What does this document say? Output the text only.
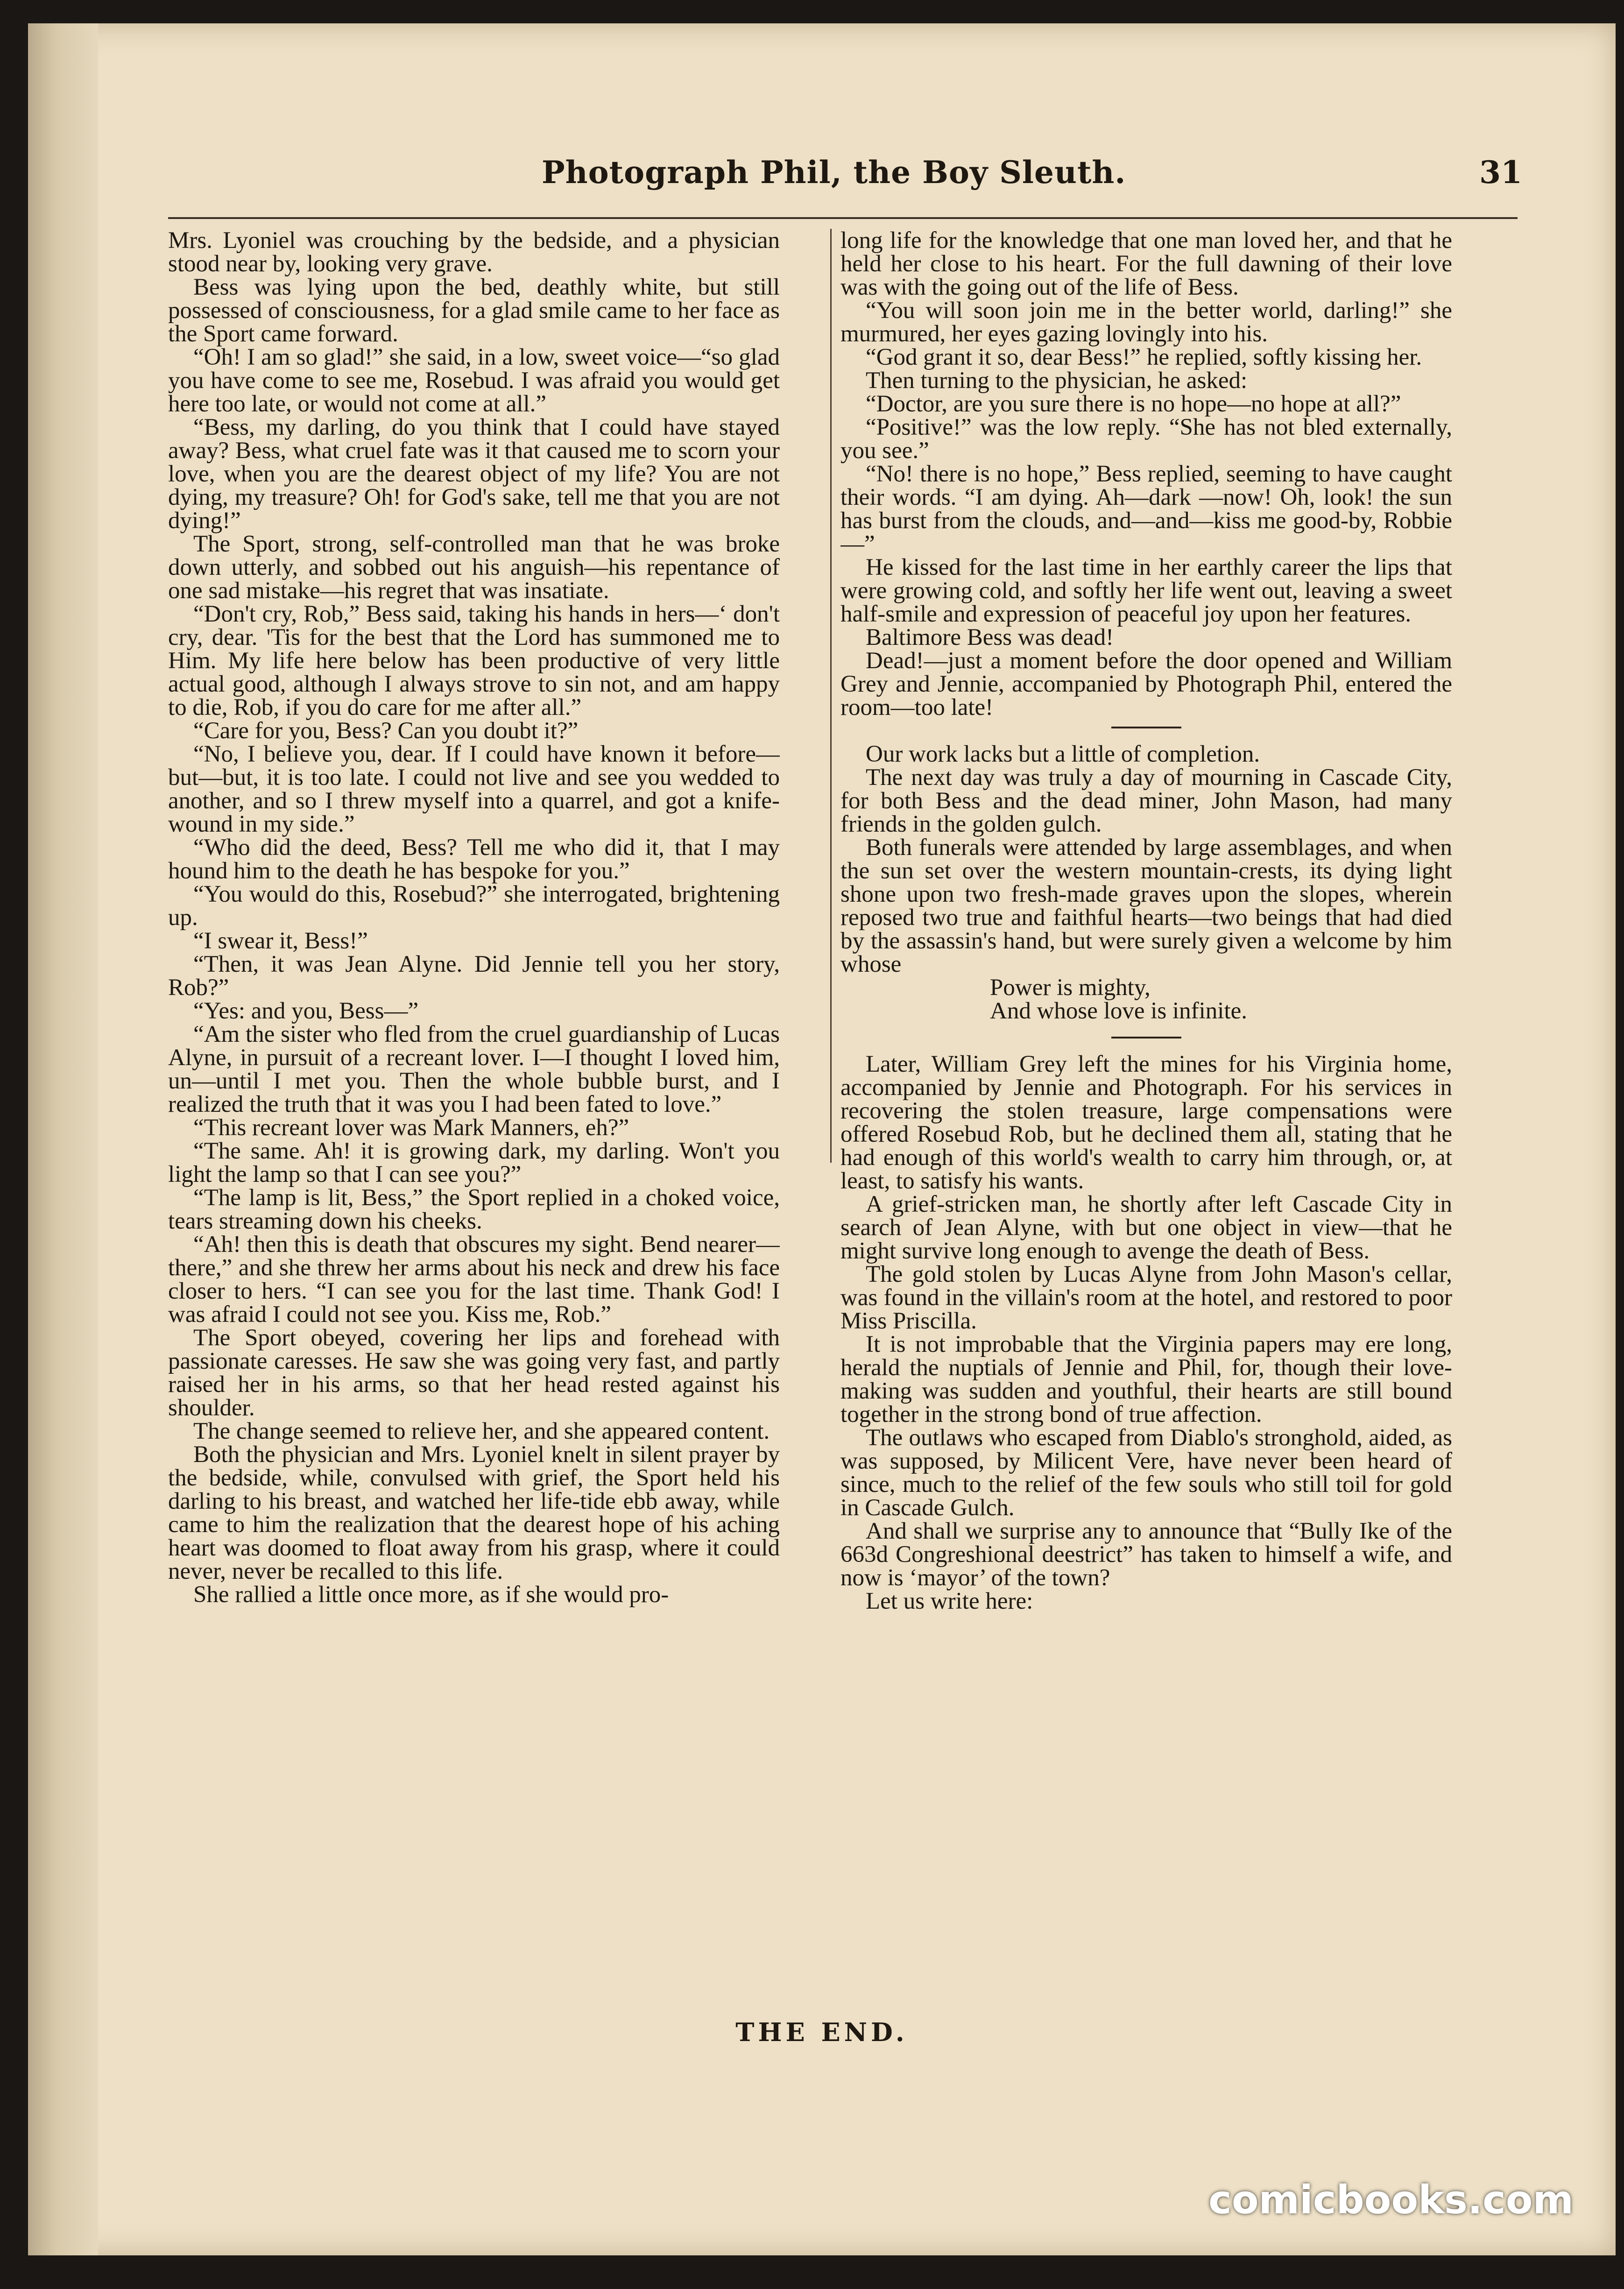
Photograph Phil, the Boy Sleuth.	31

Mrs. Lyoniel was crouching by the bedside, and a physician stood near by, looking very grave.

Bess was lying upon the bed, deathly white, but still possessed of consciousness, for a glad smile came to her face as the Sport came forward.

“Oh! I am so glad!” she said, in a low, sweet voice—“so glad you have come to see me, Rosebud. I was afraid you would get here too late, or would not come at all.”

“Bess, my darling, do you think that I could have stayed away? Bess, what cruel fate was it that caused me to scorn your love, when you are the dearest object of my life? You are not dying, my treasure? Oh! for God's sake, tell me that you are not dying!”

The Sport, strong, self-controlled man that he was broke down utterly, and sobbed out his anguish—his repentance of one sad mistake—his regret that was insatiate.

“Don't cry, Rob,” Bess said, taking his hands in hers—‘ don't cry, dear. 'Tis for the best that the Lord has summoned me to Him. My life here below has been productive of very little actual good, although I always strove to sin not, and am happy to die, Rob, if you do care for me after all.”

“Care for you, Bess? Can you doubt it?”

“No, I believe you, dear. If I could have known it before—but—but, it is too late. I could not live and see you wedded to another, and so I threw myself into a quarrel, and got a knife-wound in my side.”

“Who did the deed, Bess? Tell me who did it, that I may hound him to the death he has bespoke for you.”

“You would do this, Rosebud?” she interrogated, brightening up.

“I swear it, Bess!”

“Then, it was Jean Alyne. Did Jennie tell you her story, Rob?”

“Yes: and you, Bess—”

“Am the sister who fled from the cruel guardianship of Lucas Alyne, in pursuit of a recreant lover. I—I thought I loved him, un—until I met you. Then the whole bubble burst, and I realized the truth that it was you I had been fated to love.”

“This recreant lover was Mark Manners, eh?”

“The same. Ah! it is growing dark, my darling. Won't you light the lamp so that I can see you?”

“The lamp is lit, Bess,” the Sport replied in a choked voice, tears streaming down his cheeks.

“Ah! then this is death that obscures my sight. Bend nearer—there,” and she threw her arms about his neck and drew his face closer to hers. “I can see you for the last time. Thank God! I was afraid I could not see you. Kiss me, Rob.”

The Sport obeyed, covering her lips and forehead with passionate caresses. He saw she was going very fast, and partly raised her in his arms, so that her head rested against his shoulder.

The change seemed to relieve her, and she appeared content.

Both the physician and Mrs. Lyoniel knelt in silent prayer by the bedside, while, convulsed with grief, the Sport held his darling to his breast, and watched her life-tide ebb away, while came to him the realization that the dearest hope of his aching heart was doomed to float away from his grasp, where it could never, never be recalled to this life.

She rallied a little once more, as if she would pro-

long life for the knowledge that one man loved her, and that he held her close to his heart. For the full dawning of their love was with the going out of the life of Bess.

“You will soon join me in the better world, darling!” she murmured, her eyes gazing lovingly into his.

“God grant it so, dear Bess!” he replied, softly kissing her.

Then turning to the physician, he asked:

“Doctor, are you sure there is no hope—no hope at all?”

“Positive!” was the low reply. “She has not bled externally, you see.”

“No! there is no hope,” Bess replied, seeming to have caught their words. “I am dying. Ah—dark —now! Oh, look! the sun has burst from the clouds, and—and—kiss me good-by, Robbie—”

He kissed for the last time in her earthly career the lips that were growing cold, and softly her life went out, leaving a sweet half-smile and expression of peaceful joy upon her features.

Baltimore Bess was dead!

Dead!—just a moment before the door opened and William Grey and Jennie, accompanied by Photograph Phil, entered the room—too late!

Our work lacks but a little of completion.

The next day was truly a day of mourning in Cascade City, for both Bess and the dead miner, John Mason, had many friends in the golden gulch.

Both funerals were attended by large assemblages, and when the sun set over the western mountain-crests, its dying light shone upon two fresh-made graves upon the slopes, wherein reposed two true and faithful hearts—two beings that had died by the assassin's hand, but were surely given a welcome by him whose

Power is mighty,
And whose love is infinite.

Later, William Grey left the mines for his Virginia home, accompanied by Jennie and Photograph. For his services in recovering the stolen treasure, large compensations were offered Rosebud Rob, but he declined them all, stating that he had enough of this world's wealth to carry him through, or, at least, to satisfy his wants.

A grief-stricken man, he shortly after left Cascade City in search of Jean Alyne, with but one object in view—that he might survive long enough to avenge the death of Bess.

The gold stolen by Lucas Alyne from John Mason's cellar, was found in the villain's room at the hotel, and restored to poor Miss Priscilla.

It is not improbable that the Virginia papers may ere long, herald the nuptials of Jennie and Phil, for, though their love-making was sudden and youthful, their hearts are still bound together in the strong bond of true affection.

The outlaws who escaped from Diablo's stronghold, aided, as was supposed, by Milicent Vere, have never been heard of since, much to the relief of the few souls who still toil for gold in Cascade Gulch.

And shall we surprise any to announce that “Bully Ike of the 663d Congreshional deestrict” has taken to himself a wife, and now is ‘mayor’ of the town?

Let us write here:

THE END.
comicbooks.com
